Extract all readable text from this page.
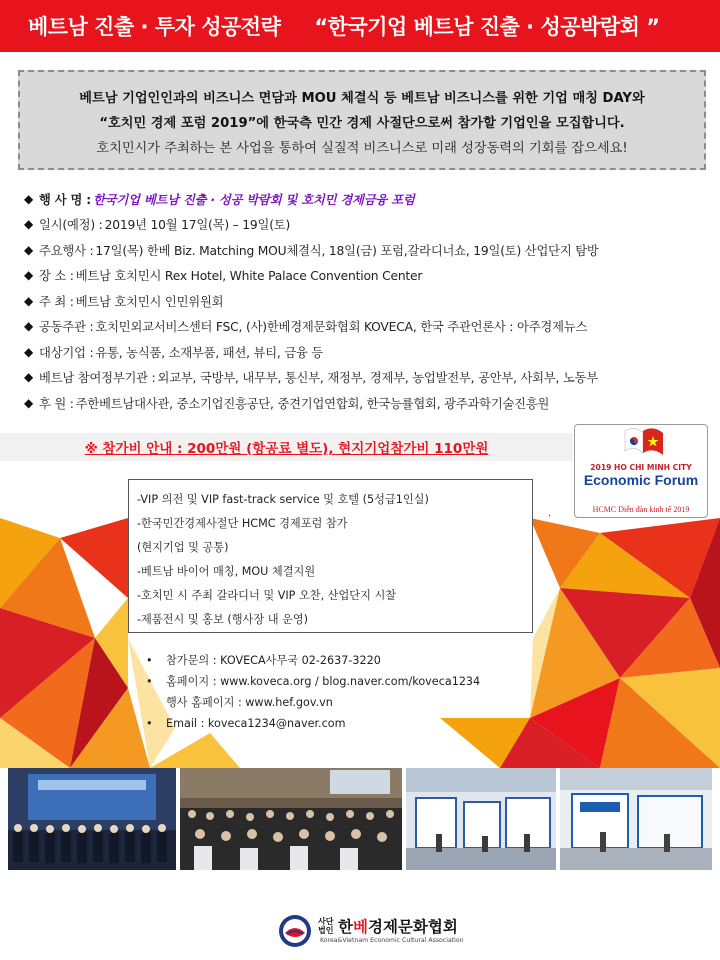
베트남 진출 · 투자 성공전략 “한국기업 베트남 진출 · 성공박람회 ”

베트남 기업인인과의 비즈니스 면담과 MOU 체결식 등 베트남 비즈니스를 위한 기업 매칭 DAY와

“호치민 경제 포럼 2019”에 한국측 민간 경제 사절단으로써 참가할 기업인을 모집합니다.

호치민시가 주최하는 본 사업을 통하여 실질적 비즈니스로 미래 성장동력의 기회를 잡으세요!

◆ 행 사 명 : 한국기업 베트남 진출 · 성공 박람회 및 호치민 경제금융 포럼
◆ 일시(예정) : 2019년 10월 17일(목) – 19일(토)
◆ 주요행사 : 17일(목) 한베 Biz. Matching MOU체결식, 18일(금) 포럼,갈라디너쇼, 19일(토) 산업단지 탐방
◆ 장 소 : 베트남 호치민시 Rex Hotel, White Palace Convention Center
◆ 주 최 : 베트남 호치민시 인민위원회
◆ 공동주관 : 호치민외교서비스센터 FSC, (사)한베경제문화협회 KOVECA, 한국 주관언론사 : 아주경제뉴스
◆ 대상기업 : 유통, 농식품, 소재부품, 패션, 뷰티, 금융 등
◆ 베트남 참여정부기관 : 외교부, 국방부, 내무부, 통신부, 재정부, 경제부, 농업발전부, 공안부, 사회부, 노동부
◆ 후 원 : 주한베트남대사관, 중소기업진흥공단, 중견기업연합회, 한국능률협회, 광주과학기술진흥원
※ 참가비 안내 : 200만원 (항공료 별도), 현지기업참가비 110만원
2019 HO CHI MINH CITY
Economic Forum
HCMC Diễn đàn kinh tế 2019
-VIP 의전 및 VIP fast-track service 및 호텔 (5성급1인실)
-한국민간경제사절단 HCMC 경제포럼 참가
(현지기업 및 공통)
-베트남 바이어 매칭, MOU 체결지원
-호치민 시 주최 갈라디너 및 VIP 오찬, 산업단지 시찰
-제품전시 및 홍보 (행사장 내 운영)
.
•	참가문의 : KOVECA사무국 02-2637-3220
•	홈페이지 : www.koveca.org / blog.naver.com/koveca1234
행사 홈페이지 : www.hef.gov.vn
•	Email : koveca1234@naver.com
사단법인 한베경제문화협회
Korea&Vietnam Economic Cultural Association
